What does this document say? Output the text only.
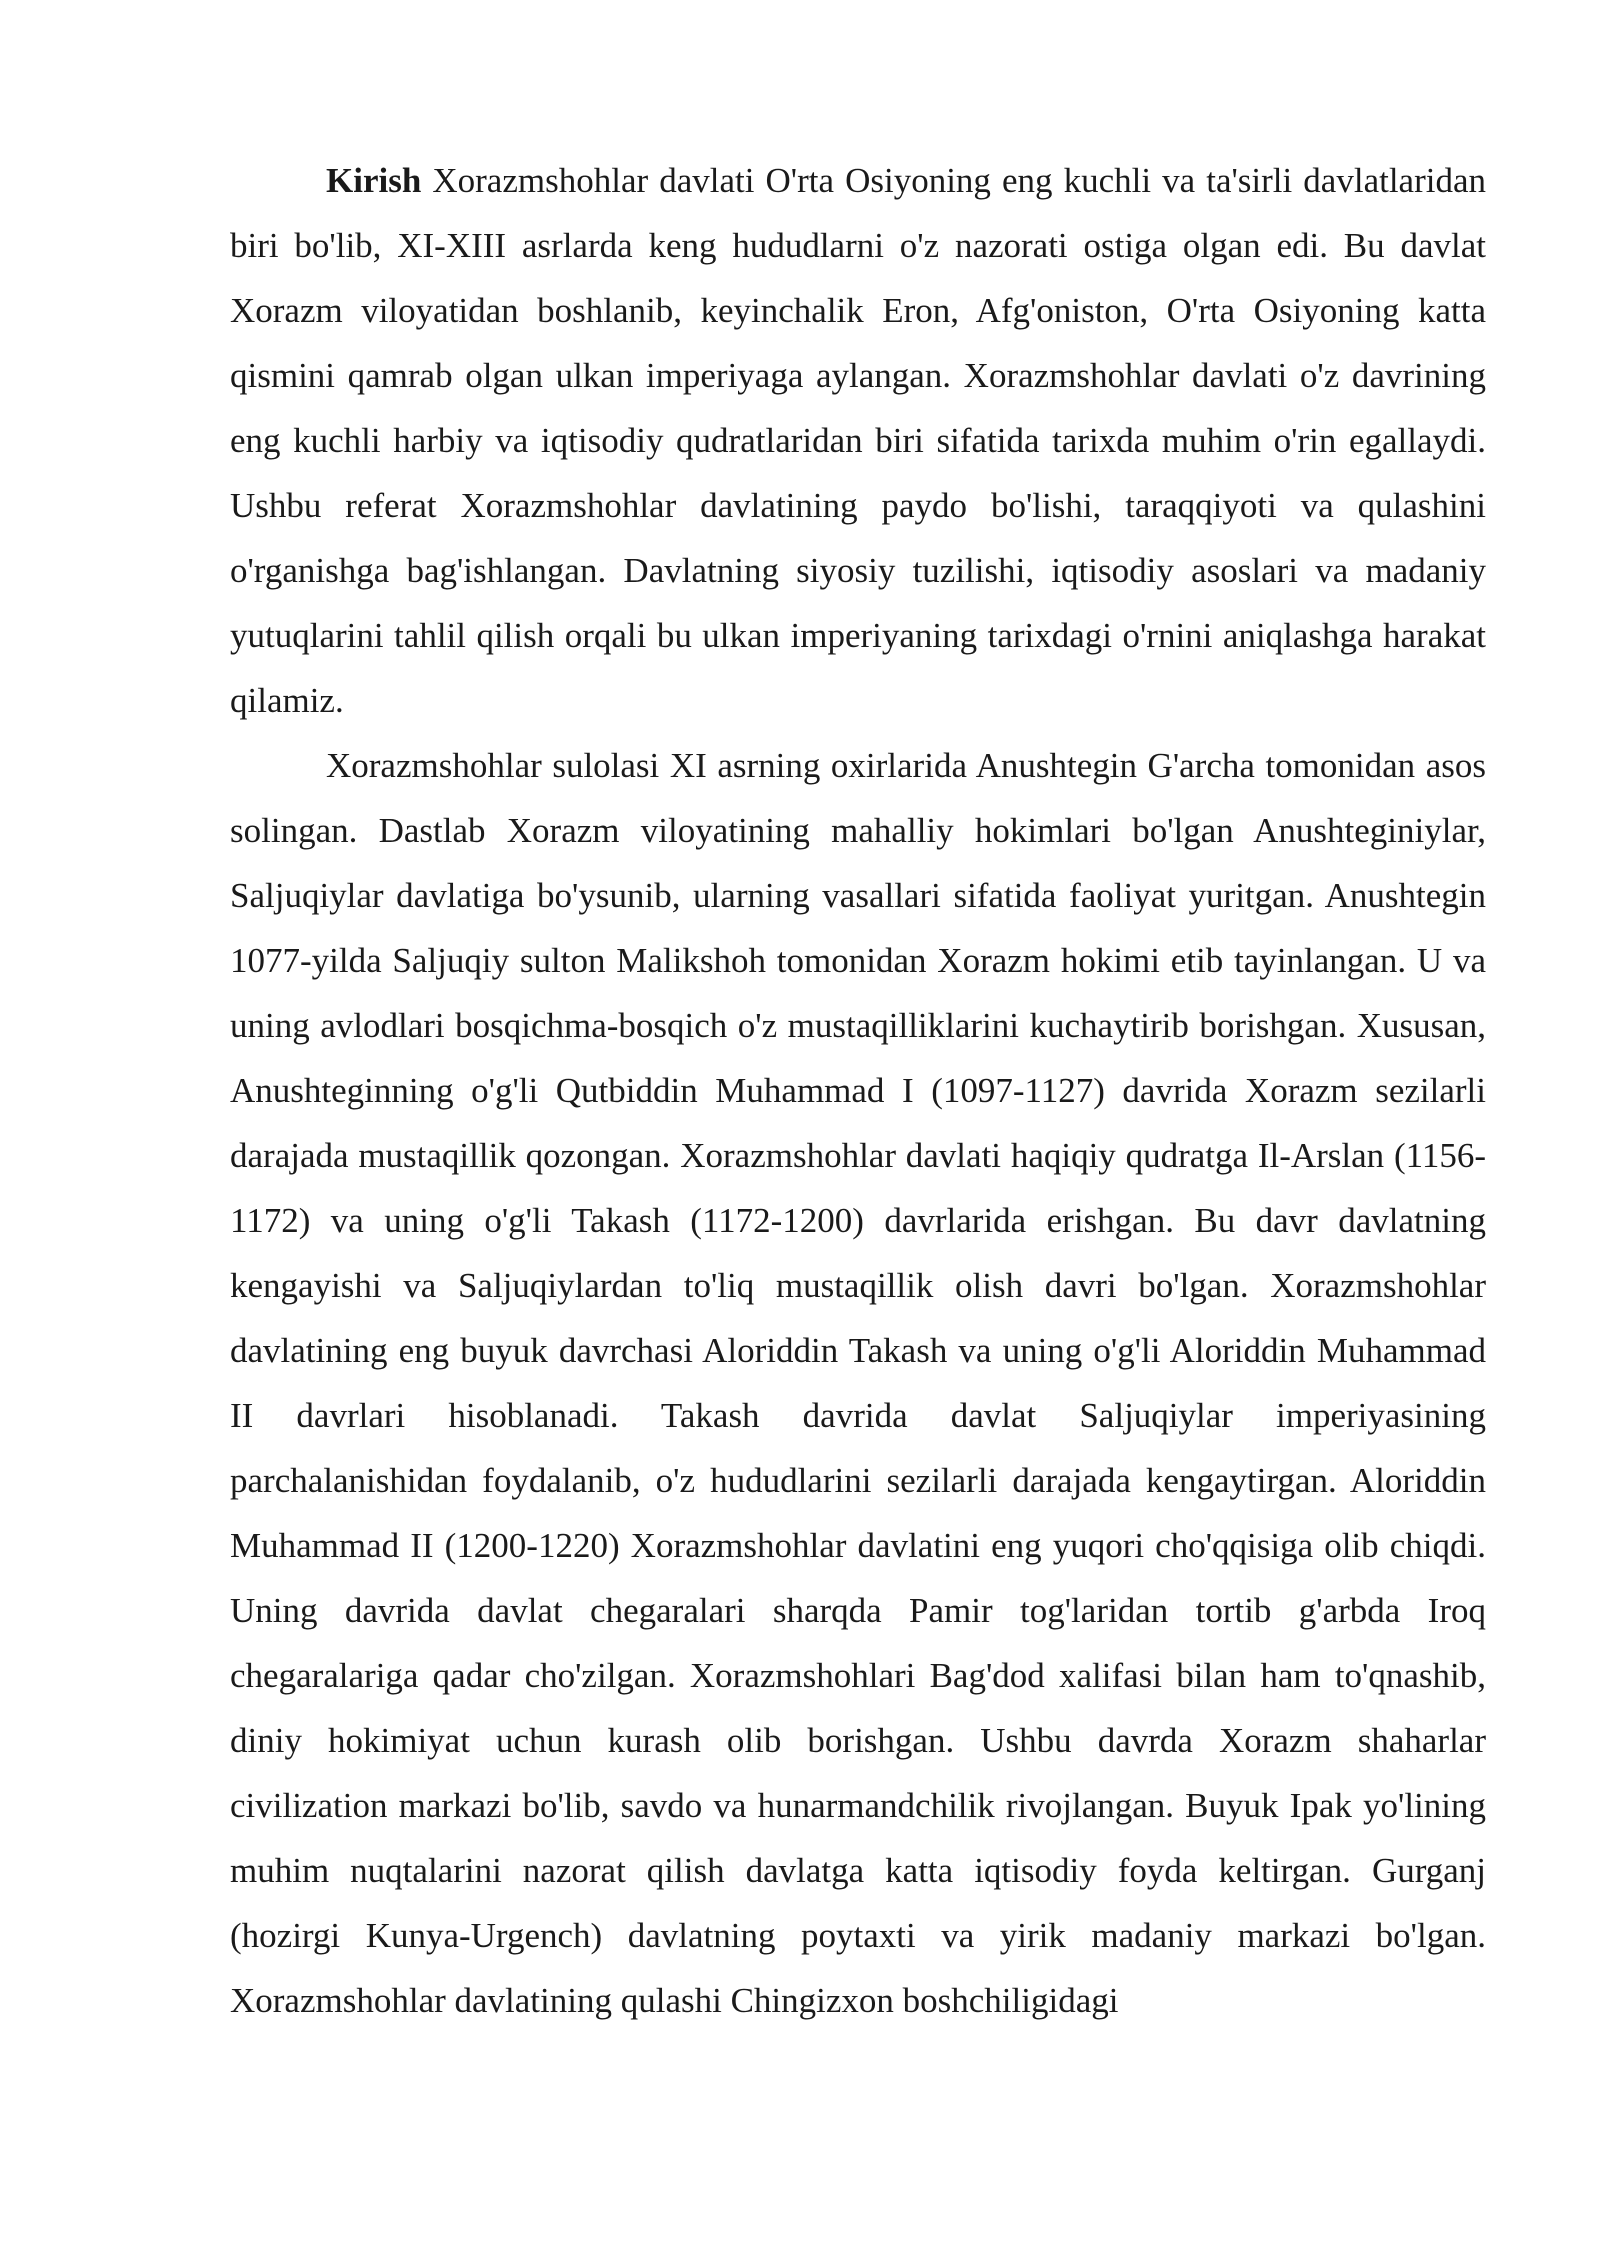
Kirish Xorazmshohlar davlati O'rta Osiyoning eng kuchli va ta'sirli davlatlaridan biri bo'lib, XI-XIII asrlarda keng hududlarni o'z nazorati ostiga olgan edi. Bu davlat Xorazm viloyatidan boshlanib, keyinchalik Eron, Afg'oniston, O'rta Osiyoning katta qismini qamrab olgan ulkan imperiyaga aylangan. Xorazmshohlar davlati o'z davrining eng kuchli harbiy va iqtisodiy qudratlaridan biri sifatida tarixda muhim o'rin egallaydi. Ushbu referat Xorazmshohlar davlatining paydo bo'lishi, taraqqiyoti va qulashini o'rganishga bag'ishlangan. Davlatning siyosiy tuzilishi, iqtisodiy asoslari va madaniy yutuqlarini tahlil qilish orqali bu ulkan imperiyaning tarixdagi o'rnini aniqlashga harakat qilamiz.

Xorazmshohlar sulolasi XI asrning oxirlarida Anushtegin G'archa tomonidan asos solingan. Dastlab Xorazm viloyatining mahalliy hokimlari bo'lgan Anushteginiylar, Saljuqiylar davlatiga bo'ysunib, ularning vasallari sifatida faoliyat yuritgan. Anushtegin 1077-yilda Saljuqiy sulton Malikshoh tomonidan Xorazm hokimi etib tayinlangan. U va uning avlodlari bosqichma-bosqich o'z mustaqilliklarini kuchaytirib borishgan. Xususan, Anushteginning o'g'li Qutbiddin Muhammad I (1097-1127) davrida Xorazm sezilarli darajada mustaqillik qozongan. Xorazmshohlar davlati haqiqiy qudratga Il-Arslan (1156-1172) va uning o'g'li Takash (1172-1200) davrlarida erishgan. Bu davr davlatning kengayishi va Saljuqiylardan to'liq mustaqillik olish davri bo'lgan. Xorazmshohlar davlatining eng buyuk davrchasi Aloriddin Takash va uning o'g'li Aloriddin Muhammad II davrlari hisoblanadi. Takash davrida davlat Saljuqiylar imperiyasining parchalanishidan foydalanib, o'z hududlarini sezilarli darajada kengaytirgan. Aloriddin Muhammad II (1200-1220) Xorazmshohlar davlatini eng yuqori cho'qqisiga olib chiqdi. Uning davrida davlat chegaralari sharqda Pamir tog'laridan tortib g'arbda Iroq chegaralariga qadar cho'zilgan. Xorazmshohlari Bag'dod xalifasi bilan ham to'qnashib, diniy hokimiyat uchun kurash olib borishgan. Ushbu davrda Xorazm shaharlar civilization markazi bo'lib, savdo va hunarmandchilik rivojlangan. Buyuk Ipak yo'lining muhim nuqtalarini nazorat qilish davlatga katta iqtisodiy foyda keltirgan. Gurganj (hozirgi Kunya-Urgench) davlatning poytaxti va yirik madaniy markazi bo'lgan. Xorazmshohlar davlatining qulashi Chingizxon boshchiligidagi
